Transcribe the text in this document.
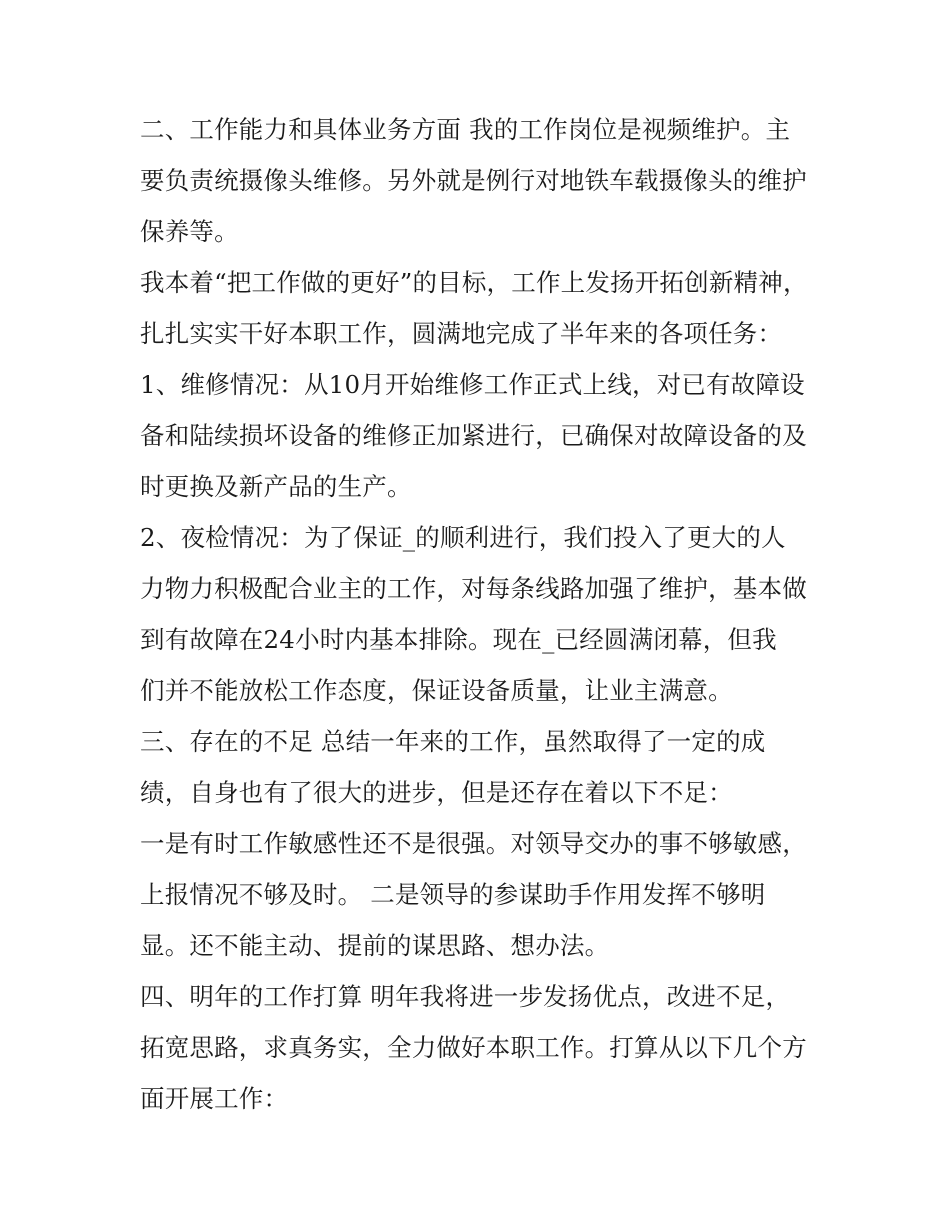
二、工作能力和具体业务方面 我的工作岗位是视频维护。主
要负责统摄像头维修。另外就是例行对地铁车载摄像头的维护
保养等。
我本着“把工作做的更好”的目标，工作上发扬开拓创新精神，
扎扎实实干好本职工作，圆满地完成了半年来的各项任务：
1、维修情况：从10月开始维修工作正式上线，对已有故障设
备和陆续损坏设备的维修正加紧进行，已确保对故障设备的及
时更换及新产品的生产。
2、夜检情况：为了保证_的顺利进行，我们投入了更大的人
力物力积极配合业主的工作，对每条线路加强了维护，基本做
到有故障在24小时内基本排除。现在_已经圆满闭幕，但我
们并不能放松工作态度，保证设备质量，让业主满意。
三、存在的不足 总结一年来的工作，虽然取得了一定的成
绩，自身也有了很大的进步，但是还存在着以下不足：
一是有时工作敏感性还不是很强。对领导交办的事不够敏感，
上报情况不够及时。 二是领导的参谋助手作用发挥不够明
显。还不能主动、提前的谋思路、想办法。
四、明年的工作打算 明年我将进一步发扬优点，改进不足，
拓宽思路，求真务实，全力做好本职工作。打算从以下几个方
面开展工作：
